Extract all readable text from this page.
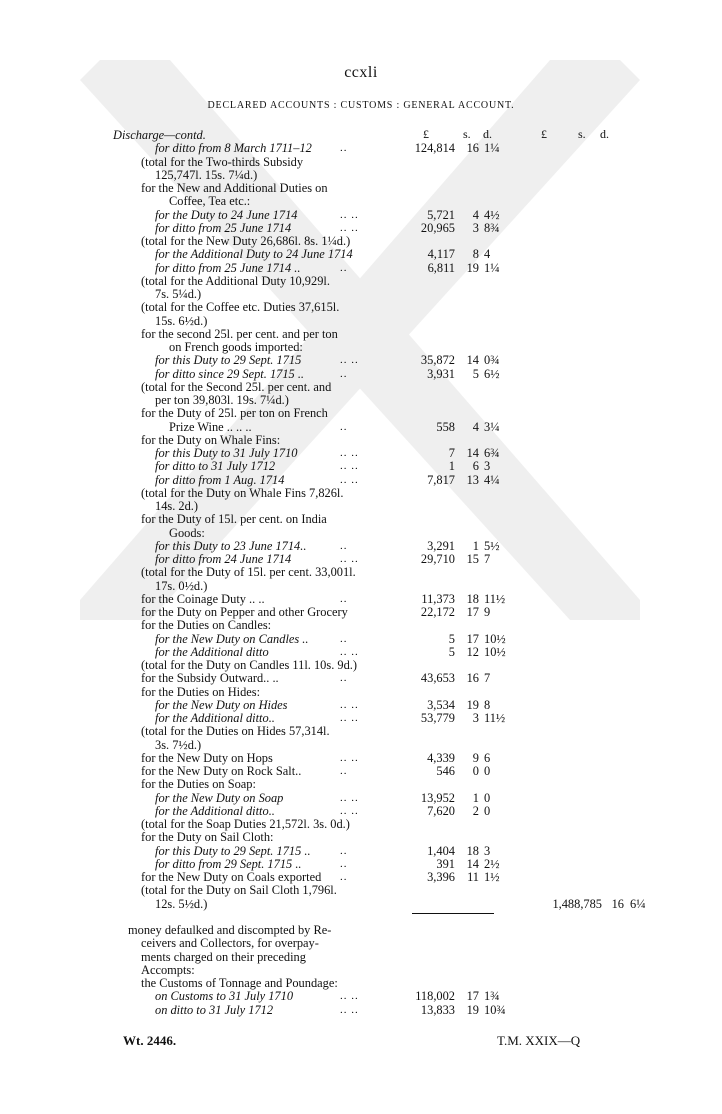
ccxli
DECLARED ACCOUNTS : CUSTOMS : GENERAL ACCOUNT.
£	s. d.	£	s. d.
Discharge—contd.
for ditto from 8 March 1711–12	..	124,814 16 1¼
(total for the Two-thirds Subsidy
125,747l. 15s. 7¼d.)
for the New and Additional Duties on
Coffee, Tea etc.:
for the Duty to 24 June 1714	.. ..	5,721	4 4½
for ditto from 25 June 1714	.. ..	20,965	3 8¾
(total for the New Duty 26,686l. 8s. 1¼d.)
for the Additional Duty to 24 June 1714	4,117	8 4
for ditto from 25 June 1714 ..	..	6,811 19 1¼
(total for the Additional Duty 10,929l.
7s. 5¼d.)
(total for the Coffee etc. Duties 37,615l.
15s. 6½d.)
for the second 25l. per cent. and per ton
on French goods imported:
for this Duty to 29 Sept. 1715	.. ..	35,872 14 0¾
for ditto since 29 Sept. 1715 ..	..	3,931	5 6½
(total for the Second 25l. per cent. and
per ton 39,803l. 19s. 7¼d.)
for the Duty of 25l. per ton on French
Prize Wine .. .. ..	..	558	4 3¼
for the Duty on Whale Fins:
for this Duty to 31 July 1710	.. ..	7 14 6¾
for ditto to 31 July 1712	.. ..	1	6 3
for ditto from 1 Aug. 1714	.. ..	7,817 13 4¼
(total for the Duty on Whale Fins 7,826l.
14s. 2d.)
for the Duty of 15l. per cent. on India
Goods:
for this Duty to 23 June 1714..	..	3,291	1 5½
for ditto from 24 June 1714	.. ..	29,710 15 7
(total for the Duty of 15l. per cent. 33,001l.
17s. 0½d.)
for the Coinage Duty .. ..	..	11,373 18 11½
for the Duty on Pepper and other Grocery	22,172 17 9
for the Duties on Candles:
for the New Duty on Candles ..	..	5 17 10½
for the Additional ditto	.. ..	5 12 10½
(total for the Duty on Candles 11l. 10s. 9d.)
for the Subsidy Outward.. ..	..	43,653 16 7
for the Duties on Hides:
for the New Duty on Hides	.. ..	3,534 19 8
for the Additional ditto..	.. ..	53,779	3 11½
(total for the Duties on Hides 57,314l.
3s. 7½d.)
for the New Duty on Hops	.. ..	4,339	9 6
for the New Duty on Rock Salt..	..	546	0 0
for the Duties on Soap:
for the New Duty on Soap	.. ..	13,952	1 0
for the Additional ditto..	.. ..	7,620	2 0
(total for the Soap Duties 21,572l. 3s. 0d.)
for the Duty on Sail Cloth:
for this Duty to 29 Sept. 1715 ..	..	1,404 18 3
for ditto from 29 Sept. 1715 ..	..	391 14 2½
for the New Duty on Coals exported ..	3,396 11 1½
(total for the Duty on Sail Cloth 1,796l.
12s. 5½d.)	1,488,785 16 6¼
money defaulked and discompted by Re-
ceivers and Collectors, for overpay-
ments charged on their preceding
Accompts:
the Customs of Tonnage and Poundage:
on Customs to 31 July 1710	.. ..	118,002 17 1¾
on ditto to 31 July 1712	.. ..	13,833 19 10¾
Wt. 2446.	T.M. XXIX—Q
